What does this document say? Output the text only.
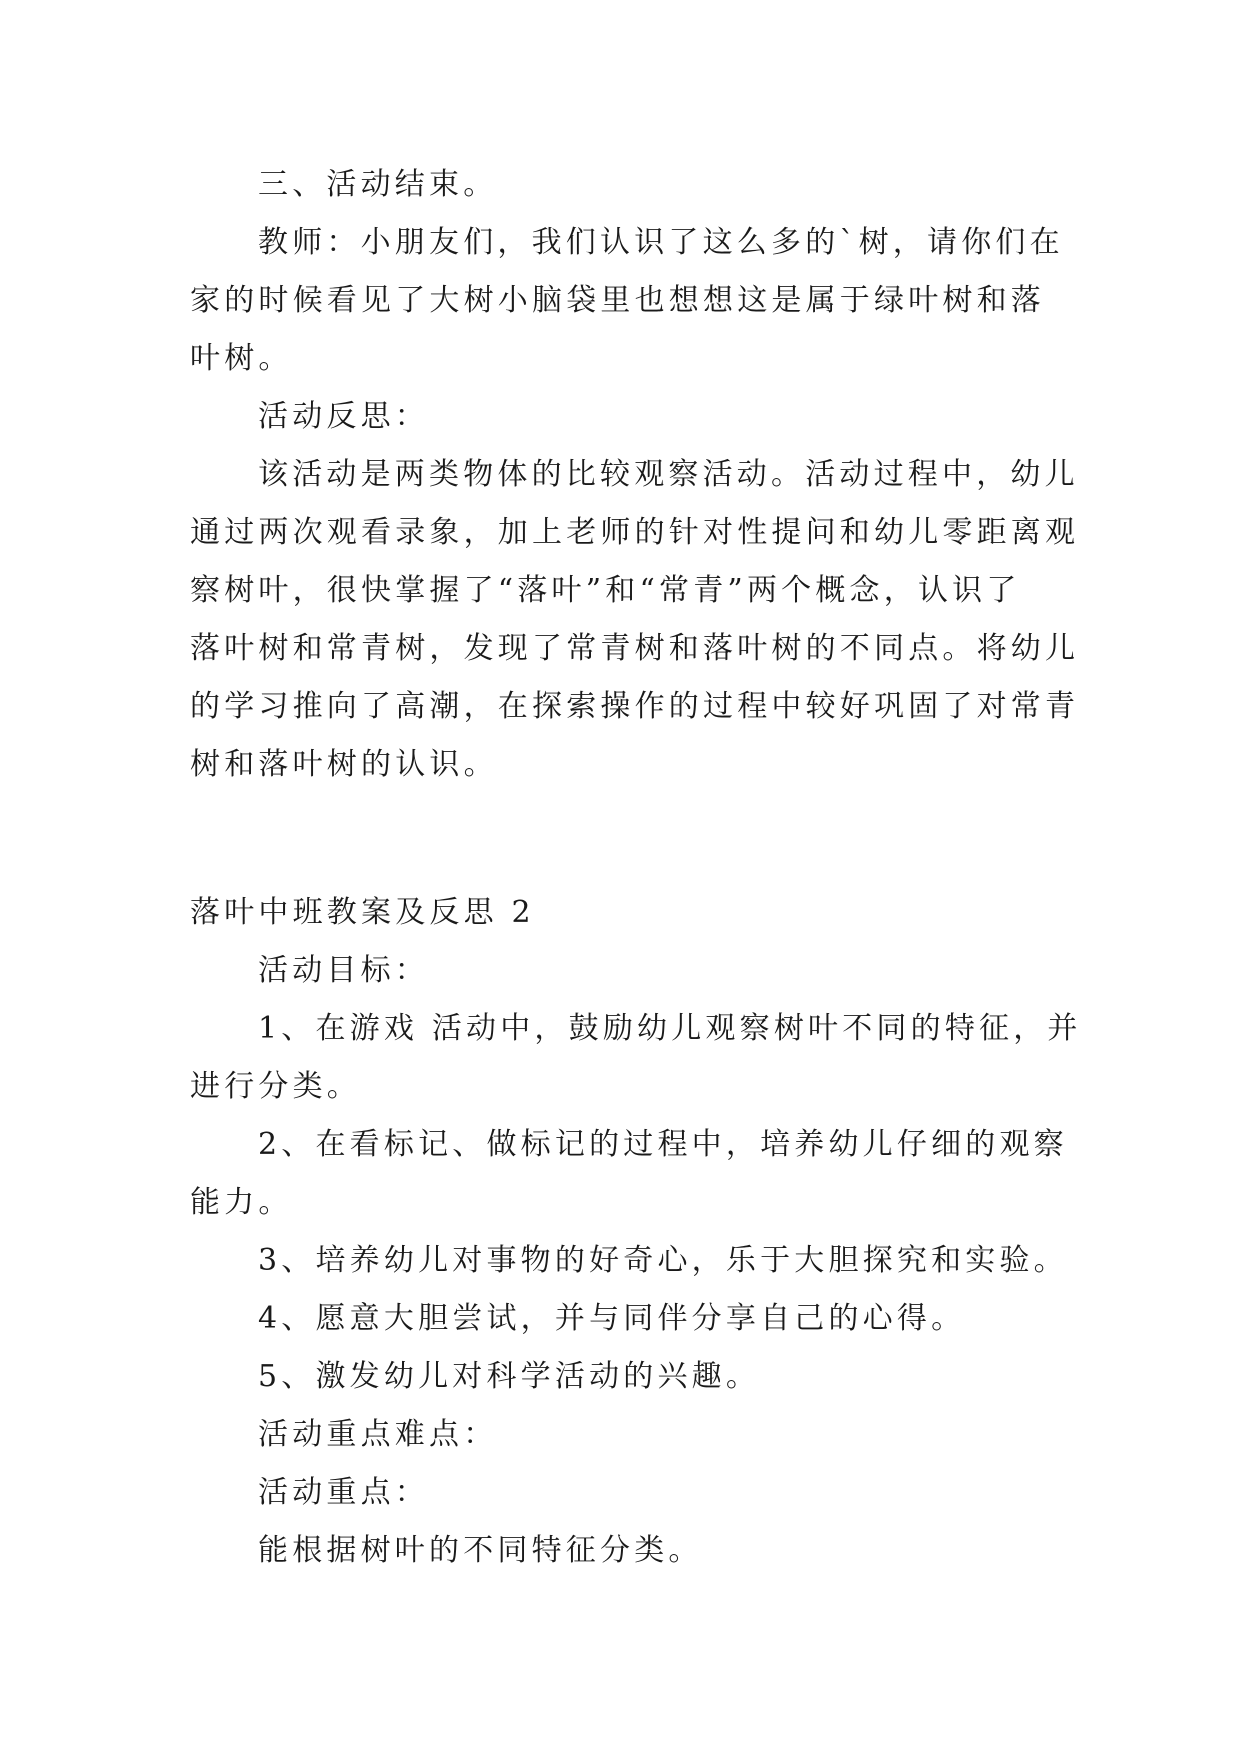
三、活动结束。

教师：小朋友们，我们认识了这么多的`树，请你们在

家的时候看见了大树小脑袋里也想想这是属于绿叶树和落

叶树。

活动反思：

该活动是两类物体的比较观察活动。活动过程中，幼儿

通过两次观看录象，加上老师的针对性提问和幼儿零距离观

察树叶，很快掌握了“落叶”和“常青”两个概念，认识了

落叶树和常青树，发现了常青树和落叶树的不同点。将幼儿

的学习推向了高潮，在探索操作的过程中较好巩固了对常青

树和落叶树的认识。

落叶中班教案及反思 2

活动目标：

1、在游戏 活动中，鼓励幼儿观察树叶不同的特征，并

进行分类。

2、在看标记、做标记的过程中，培养幼儿仔细的观察

能力。

3、培养幼儿对事物的好奇心，乐于大胆探究和实验。

4、愿意大胆尝试，并与同伴分享自己的心得。

5、激发幼儿对科学活动的兴趣。

活动重点难点：

活动重点：

能根据树叶的不同特征分类。
